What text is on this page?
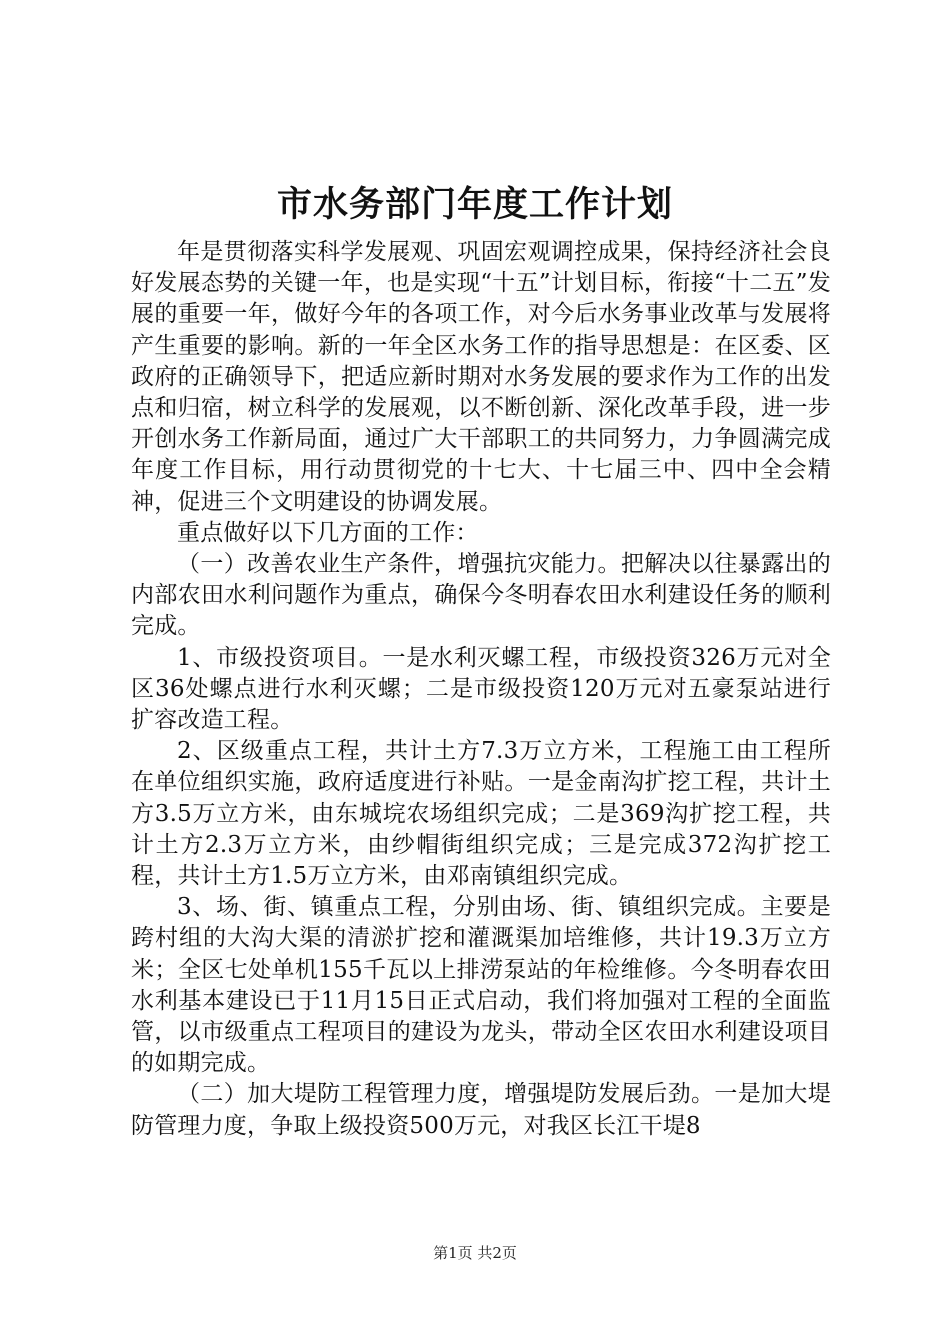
市水务部门年度工作计划

年是贯彻落实科学发展观、巩固宏观调控成果，保持经济社会良好发展态势的关键一年，也是实现“十五”计划目标，衔接“十二五”发展的重要一年，做好今年的各项工作，对今后水务事业改革与发展将产生重要的影响。新的一年全区水务工作的指导思想是：在区委、区政府的正确领导下，把适应新时期对水务发展的要求作为工作的出发点和归宿，树立科学的发展观，以不断创新、深化改革手段，进一步开创水务工作新局面，通过广大干部职工的共同努力，力争圆满完成年度工作目标，用行动贯彻党的十七大、十七届三中、四中全会精神，促进三个文明建设的协调发展。

重点做好以下几方面的工作：

（一）改善农业生产条件，增强抗灾能力。把解决以往暴露出的内部农田水利问题作为重点，确保今冬明春农田水利建设任务的顺利完成。

1、市级投资项目。一是水利灭螺工程，市级投资326万元对全区36处螺点进行水利灭螺；二是市级投资120万元对五豪泵站进行扩容改造工程。

2、区级重点工程，共计土方7.3万立方米，工程施工由工程所在单位组织实施，政府适度进行补贴。一是金南沟扩挖工程，共计土方3.5万立方米，由东城垸农场组织完成；二是369沟扩挖工程，共计土方2.3万立方米，由纱帽街组织完成；三是完成372沟扩挖工程，共计土方1.5万立方米，由邓南镇组织完成。

3、场、街、镇重点工程，分别由场、街、镇组织完成。主要是跨村组的大沟大渠的清淤扩挖和灌溉渠加培维修，共计19.3万立方米；全区七处单机155千瓦以上排涝泵站的年检维修。今冬明春农田水利基本建设已于11月15日正式启动，我们将加强对工程的全面监管，以市级重点工程项目的建设为龙头，带动全区农田水利建设项目的如期完成。

（二）加大堤防工程管理力度，增强堤防发展后劲。一是加大堤防管理力度，争取上级投资500万元，对我区长江干堤8

第1页 共2页
